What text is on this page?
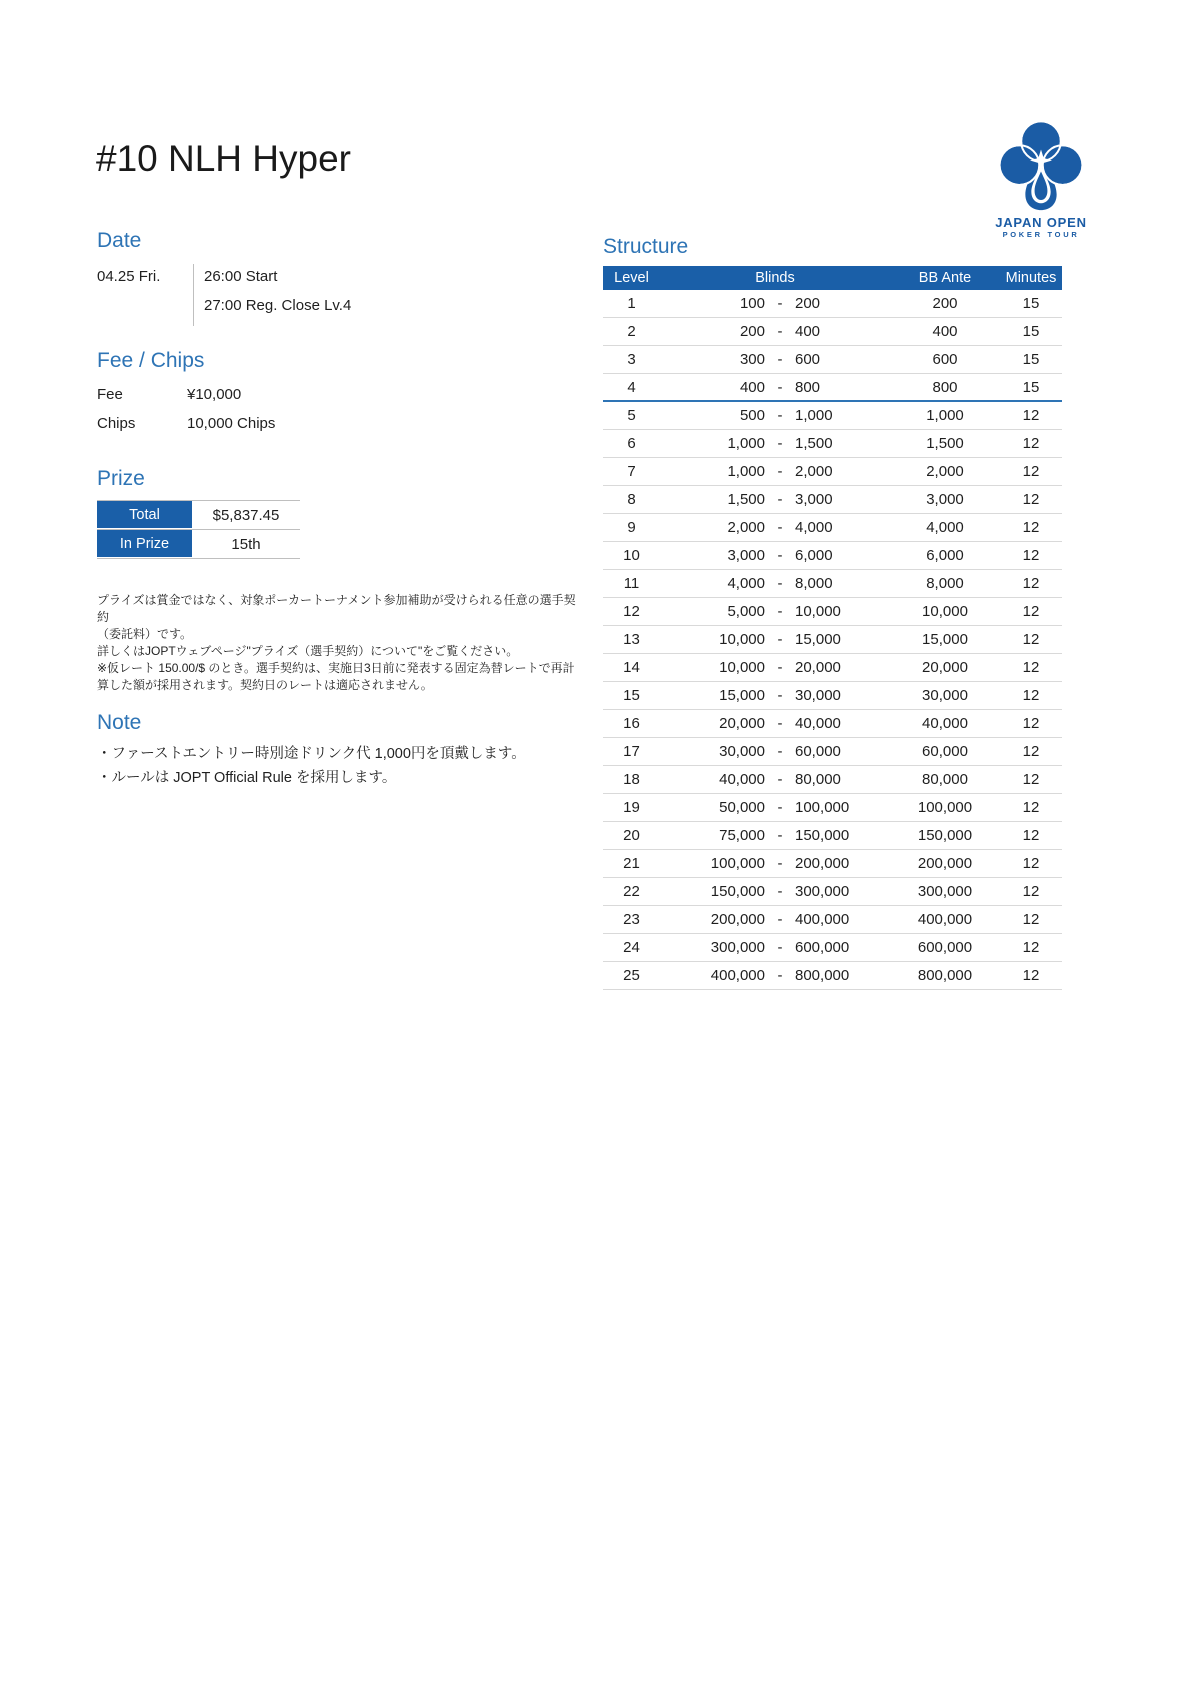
#10 NLH Hyper
JAPAN OPEN
POKER TOUR
Date
04.25 Fri.	26:00 Start
27:00 Reg. Close Lv.4
Fee / Chips
Fee	¥10,000
Chips	10,000 Chips
Prize
Total	$5,837.45
In Prize	15th
プライズは賞金ではなく、対象ポーカートーナメント参加補助が受けられる任意の選手契約
（委託料）です。
詳しくはJOPTウェブページ"プライズ（選手契約）について"をご覧ください。
※仮レート 150.00/$ のとき。選手契約は、実施日3日前に発表する固定為替レートで再計
算した額が採用されます。契約日のレートは適応されません。
Note
・ファーストエントリー時別途ドリンク代 1,000円を頂戴します。
・ルールは JOPT Official Rule を採用します。
Structure
Level	Blinds	BB Ante	Minutes
1	100 - 200	200	15
2	200 - 400	400	15
3	300 - 600	600	15
4	400 - 800	800	15
5	500 - 1,000	1,000	12
6	1,000 - 1,500	1,500	12
7	1,000 - 2,000	2,000	12
8	1,500 - 3,000	3,000	12
9	2,000 - 4,000	4,000	12
10	3,000 - 6,000	6,000	12
11	4,000 - 8,000	8,000	12
12	5,000 - 10,000	10,000	12
13	10,000 - 15,000	15,000	12
14	10,000 - 20,000	20,000	12
15	15,000 - 30,000	30,000	12
16	20,000 - 40,000	40,000	12
17	30,000 - 60,000	60,000	12
18	40,000 - 80,000	80,000	12
19	50,000 - 100,000	100,000	12
20	75,000 - 150,000	150,000	12
21	100,000 - 200,000	200,000	12
22	150,000 - 300,000	300,000	12
23	200,000 - 400,000	400,000	12
24	300,000 - 600,000	600,000	12
25	400,000 - 800,000	800,000	12
